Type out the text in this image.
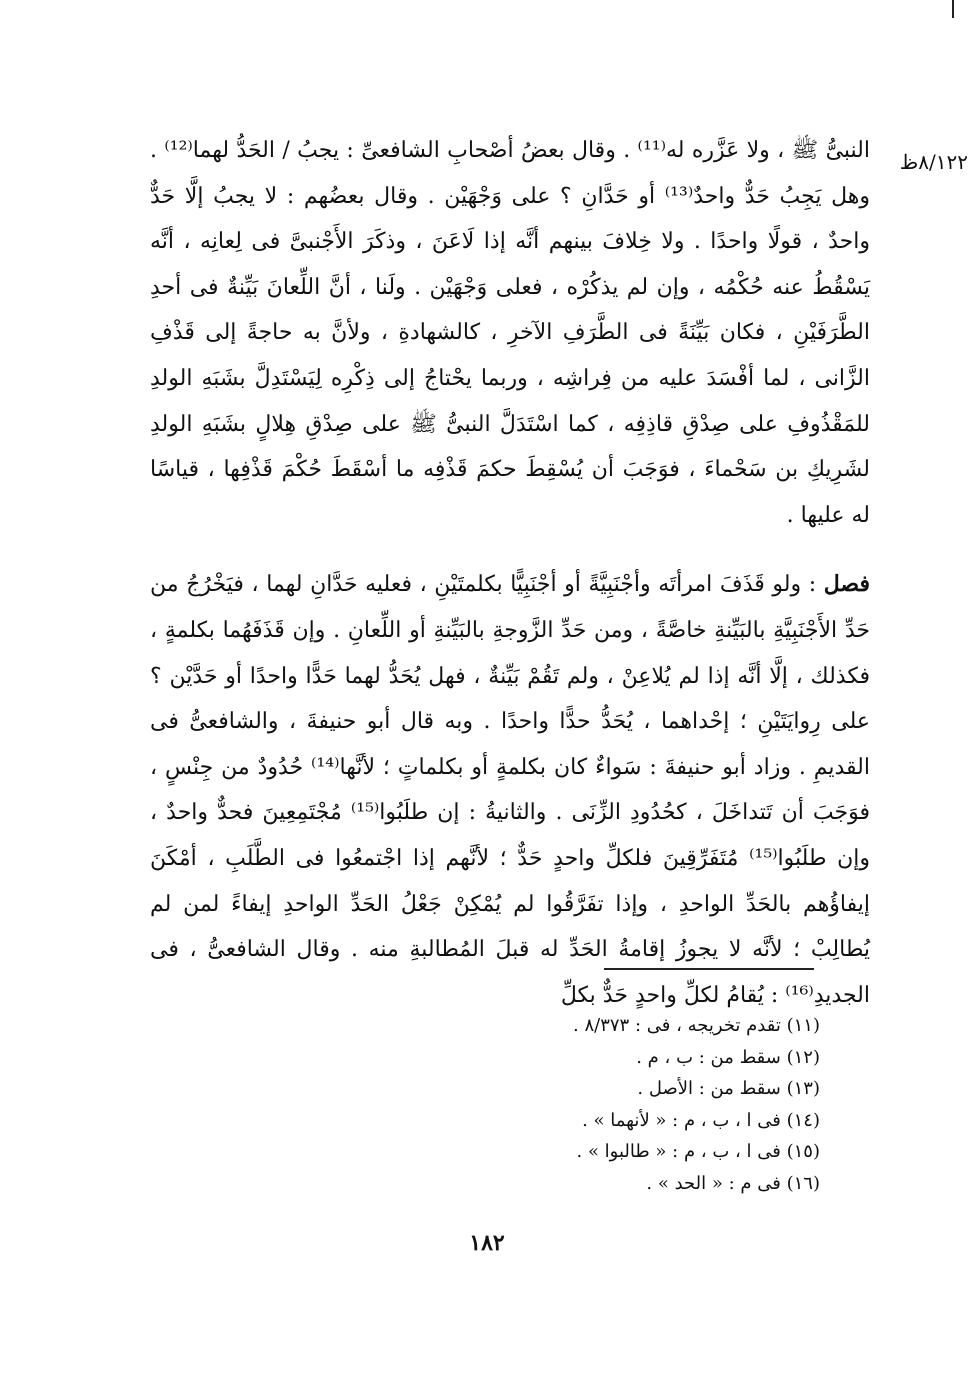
٨/١٢٢ظ

النبىُّ ﷺ ، ولا عَزَّره له⁽¹¹⁾ . وقال بعضُ أصْحابِ الشافعىِّ : يجبُ / الحَدُّ لهما⁽¹²⁾ . وهل يَجِبُ حَدٌّ واحدٌ⁽¹³⁾ أو حَدَّانِ ؟ على وَجْهَيْن . وقال بعضُهم : لا يجبُ إلَّا حَدٌّ واحدٌ ، قولًا واحدًا . ولا خِلافَ بينهم أنَّه إذا لَاعَنَ ، وذكَرَ الأَجْنبىَّ فى لِعانِه ، أنَّه يَسْقُطُ عنه حُكْمُه ، وإن لم يذكُرْه ، فعلى وَجْهَيْن . ولَنا ، أنَّ اللِّعانَ بَيِّنةٌ فى أحدِ الطَّرَفَيْنِ ، فكان بَيِّنَةً فى الطَّرَفِ الآخرِ ، كالشهادةِ ، ولأنَّ به حاجةً إلى قَذْفِ الزَّانى ، لما أفْسَدَ عليه من فِراشِه ، وربما يحْتاجُ إلى ذِكْرِه لِيَسْتَدِلَّ بشَبَهِ الولدِ للمَقْذُوفِ على صِدْقِ قاذِفِه ، كما اسْتَدَلَّ النبىُّ ﷺ على صِدْقِ هِلالٍ بشَبَهِ الولدِ لشَرِيكِ بن سَحْماءَ ، فوَجَبَ أن يُسْقِطَ حكمَ قَذْفِه ما أسْقَطَ حُكْمَ قَذْفِها ، قياسًا له عليها .

فصل : ولو قَذَفَ امرأتَه وأجْنَبِيَّةً أو أجْنَبِيًّا بكلمتَيْنِ ، فعليه حَدَّانِ لهما ، فيَخْرُجُ من حَدِّ الأَجْنَبِيَّةِ بالبَيِّنةِ خاصَّةً ، ومن حَدِّ الزَّوجةِ بالبَيِّنةِ أو اللِّعانِ . وإن قَذَفَهُما بكلمةٍ ، فكذلك ، إلَّا أنَّه إذا لم يُلاعِنْ ، ولم تَقُمْ بَيِّنةٌ ، فهل يُحَدُّ لهما حَدًّا واحدًا أو حَدَّيْن ؟ على رِوايَتَيْنِ ؛ إحْداهما ، يُحَدُّ حدًّا واحدًا . وبه قال أبو حنيفةَ ، والشافعىُّ فى القديمِ . وزاد أبو حنيفةَ : سَواءٌ كان بكلمةٍ أو بكلماتٍ ؛ لأنَّها⁽¹⁴⁾ حُدُودٌ من جِنْسٍ ، فوَجَبَ أن تَتداخَلَ ، كحُدُودِ الزِّنَى . والثانيةُ : إن طلَبُوا⁽¹⁵⁾ مُجْتَمِعِينَ فحدٌّ واحدٌ ، وإن طلَبُوا⁽¹⁵⁾ مُتَفَرِّقِينَ فلكلِّ واحدٍ حَدٌّ ؛ لأنَّهم إذا اجْتمعُوا فى الطَّلَبِ ، أمْكَنَ إيفاؤُهم بالحَدِّ الواحدِ ، وإذا تفَرَّقُوا لم يُمْكِنْ جَعْلُ الحَدِّ الواحدِ إيفاءً لمن لم يُطالِبْ ؛ لأنَّه لا يجوزُ إقامةُ الحَدِّ له قبلَ المُطالبةِ منه . وقال الشافعىُّ ، فى الجديدِ⁽¹⁶⁾ : يُقامُ لكلِّ واحدٍ حَدٌّ بكلِّ

(١١) تقدم تخريجه ، فى : ٨/٣٧٣ .
(١٢) سقط من : ب ، م .
(١٣) سقط من : الأصل .
(١٤) فى ا ، ب ، م : « لأنهما » .
(١٥) فى ا ، ب ، م : « طالبوا » .
(١٦) فى م : « الحد » .
١٨٢
